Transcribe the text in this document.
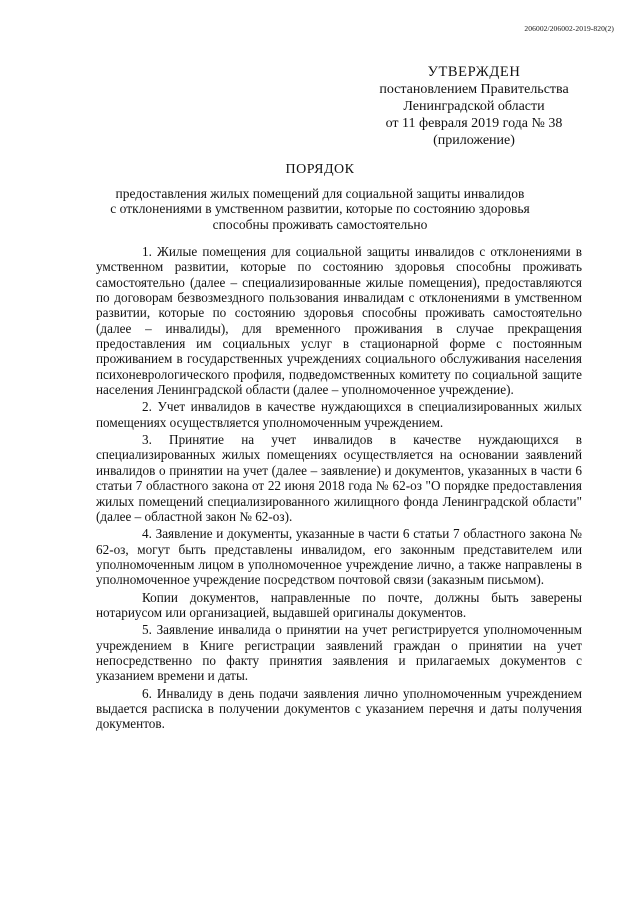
206002/206002-2019-820(2)
УТВЕРЖДЕН
постановлением Правительства
Ленинградской области
от 11 февраля 2019 года № 38
(приложение)
ПОРЯДОК
предоставления жилых помещений для социальной защиты инвалидов
с отклонениями в умственном развитии, которые по состоянию здоровья
способны проживать самостоятельно

1. Жилые помещения для социальной защиты инвалидов с отклонениями в умственном развитии, которые по состоянию здоровья способны проживать самостоятельно (далее – специализированные жилые помещения), предоставляются по договорам безвозмездного пользования инвалидам с отклонениями в умственном развитии, которые по состоянию здоровья способны проживать самостоятельно (далее – инвалиды), для временного проживания в случае прекращения предоставления им социальных услуг в стационарной форме с постоянным проживанием в государственных учреждениях социального обслуживания населения психоневрологического профиля, подведомственных комитету по социальной защите населения Ленинградской области (далее – уполномоченное учреждение).

2. Учет инвалидов в качестве нуждающихся в специализированных жилых помещениях осуществляется уполномоченным учреждением.

3. Принятие на учет инвалидов в качестве нуждающихся в специализированных жилых помещениях осуществляется на основании заявлений инвалидов о принятии на учет (далее – заявление) и документов, указанных в части 6 статьи 7 областного закона от 22 июня 2018 года № 62-оз "О порядке предоставления жилых помещений специализированного жилищного фонда Ленинградской области" (далее – областной закон № 62-оз).

4. Заявление и документы, указанные в части 6 статьи 7 областного закона № 62-оз, могут быть представлены инвалидом, его законным представителем или уполномоченным лицом в уполномоченное учреждение лично, а также направлены в уполномоченное учреждение посредством почтовой связи (заказным письмом).

Копии документов, направленные по почте, должны быть заверены нотариусом или организацией, выдавшей оригиналы документов.

5. Заявление инвалида о принятии на учет регистрируется уполномоченным учреждением в Книге регистрации заявлений граждан о принятии на учет непосредственно по факту принятия заявления и прилагаемых документов с указанием времени и даты.

6. Инвалиду в день подачи заявления лично уполномоченным учреждением выдается расписка в получении документов с указанием перечня и даты получения документов.
